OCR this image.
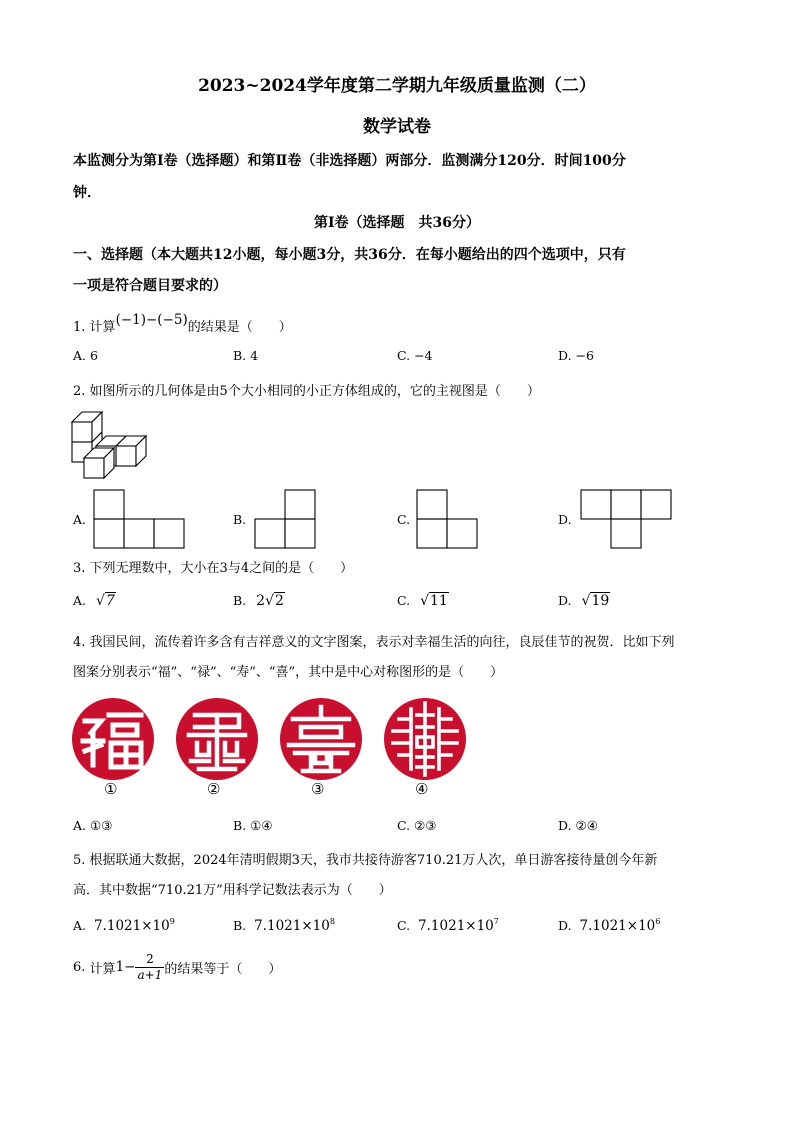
2023~2024学年度第二学期九年级质量监测（二）
数学试卷
本监测分为第Ⅰ卷（选择题）和第Ⅱ卷（非选择题）两部分．监测满分120分．时间100分
钟．
第Ⅰ卷（选择题　共36分）
一、选择题（本大题共12小题，每小题3分，共36分．在每小题给出的四个选项中，只有
一项是符合题目要求的）
1. 计算(−1)−(−5)的结果是（　　）
A. 6	B. 4	C. −4	D. −6
2. 如图所示的几何体是由5个大小相同的小正方体组成的，它的主视图是（　　）
A.	B.	C.	D.
3. 下列无理数中，大小在3与4之间的是（　　）
A. √7	B. 2√2	C. √11	D. √19
4. 我国民间，流传着许多含有吉祥意义的文字图案，表示对幸福生活的向往，良辰佳节的祝贺．比如下列
图案分别表示“福”、“禄”、“寿”、“喜”，其中是中心对称图形的是（　　）
①	②	③	④
A. ①③	B. ①④	C. ②③	D. ②④
5. 根据联通大数据，2024年清明假期3天，我市共接待游客710.21万人次，单日游客接待量创今年新
高．其中数据“710.21万”用科学记数法表示为（　　）
A. $7.1021\times 10^9$	B. $7.1021\times 10^8$	C. $7.1021\times 10^7$	D. $7.1021\times 10^6$
6.
计算 $1- \frac{2}{a+1}$ 的结果等于（　　）
